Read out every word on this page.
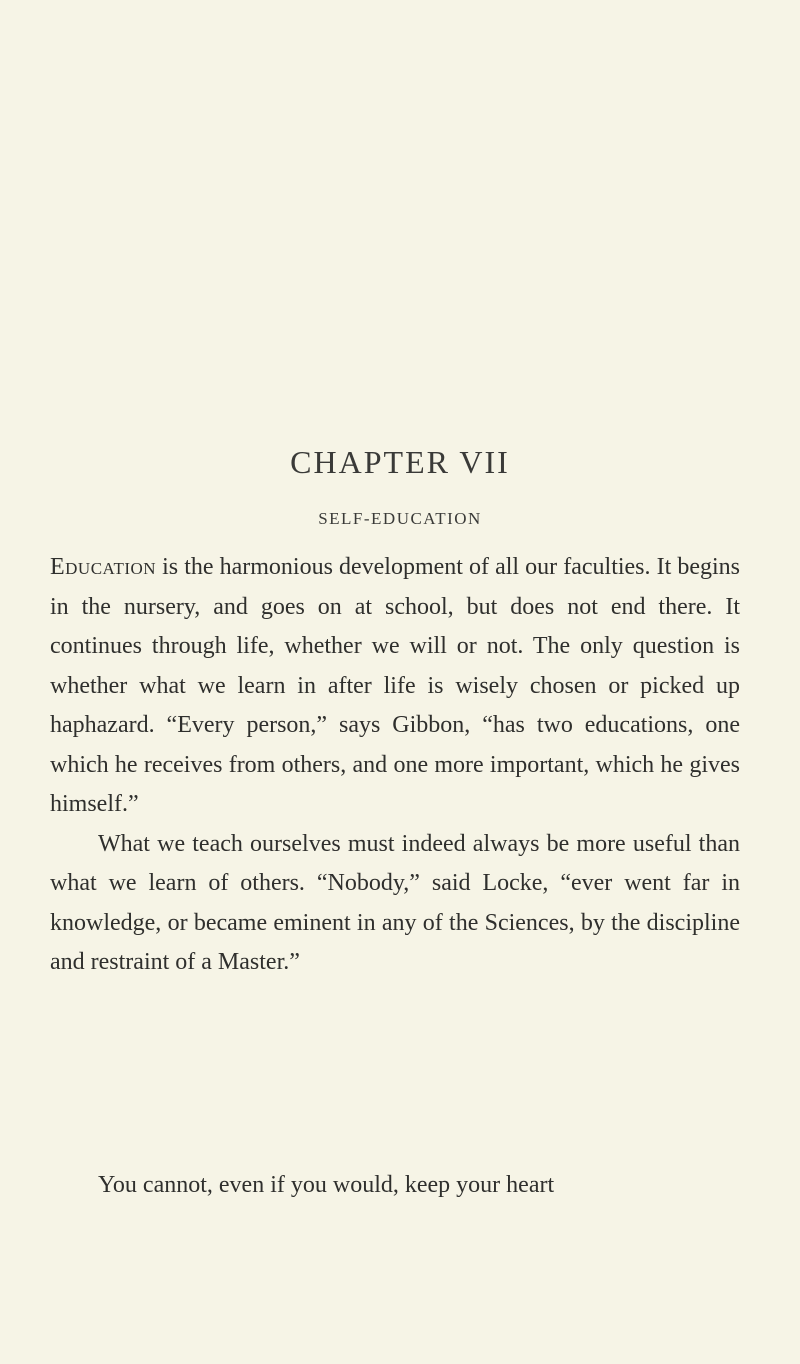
CHAPTER VII
SELF-EDUCATION

Education is the harmonious development of all our faculties. It begins in the nursery, and goes on at school, but does not end there. It continues through life, whether we will or not. The only question is whether what we learn in after life is wisely chosen or picked up haphazard. “Every person,” says Gibbon, “has two educations, one which he receives from others, and one more important, which he gives himself.”

What we teach ourselves must indeed always be more useful than what we learn of others. “Nobody,” said Locke, “ever went far in knowledge, or became eminent in any of the Sciences, by the discipline and restraint of a Master.”

You cannot, even if you would, keep your heart
